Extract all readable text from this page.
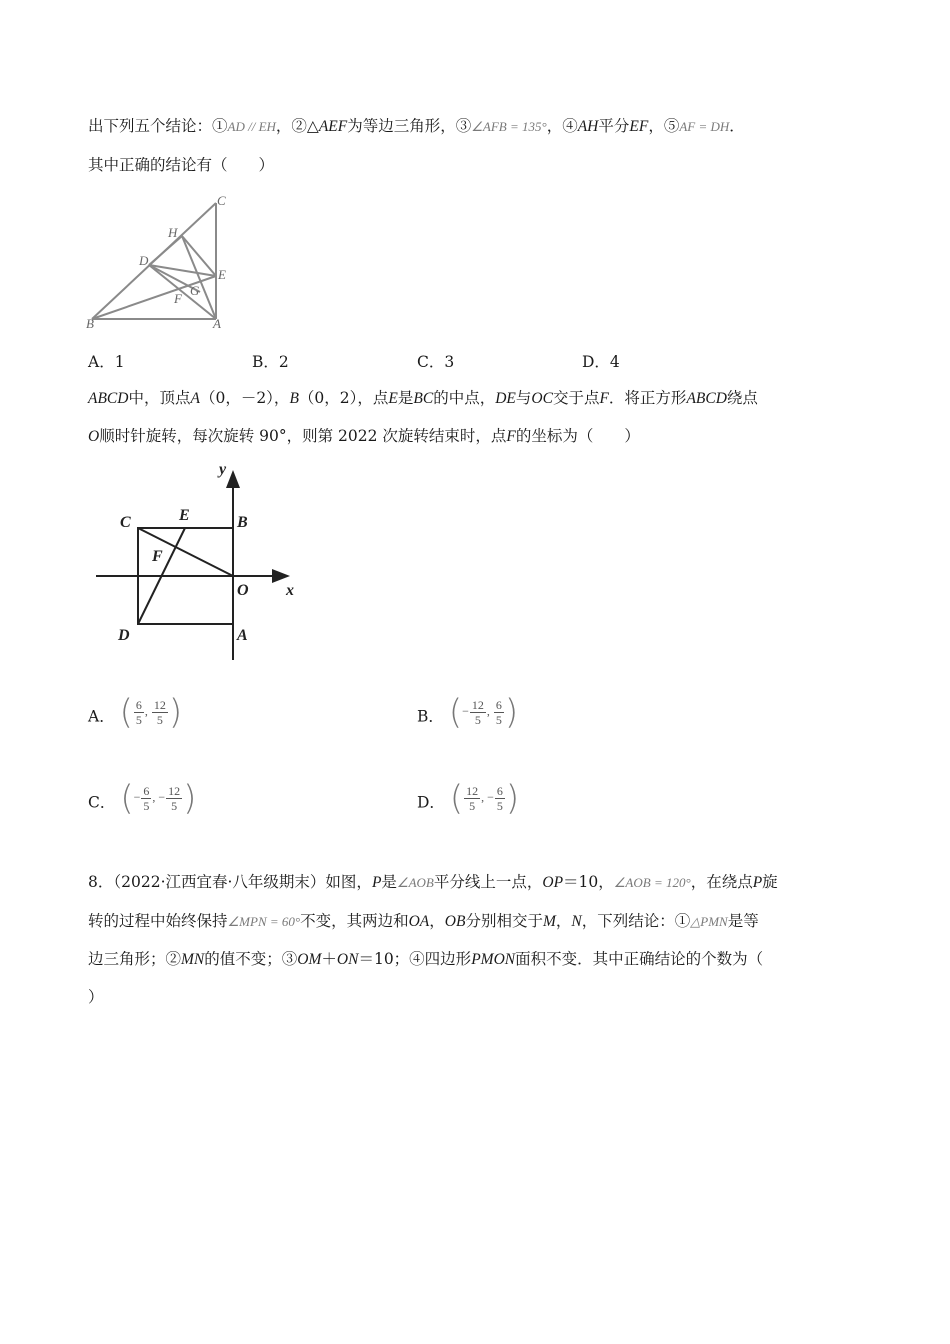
出下列五个结论：①AD // EH，②△AEF为等边三角形，③∠AFB = 135°，④AH平分EF，⑤AF = DH．
其中正确的结论有（　　）
C
H
D
E
G
F
B	A
A．1	B．2	C．3	D．4
ABCD中，顶点A（0，－2），B（0，2），点E是BC的中点，DE与OC交于点F．将正方形ABCD绕点
O顺时针旋转，每次旋转 90°，则第 2022 次旋转结束时，点F的坐标为（　　）
y
x
C	E	B
F
O
D	A
A． $^{( \frac{6}{5} , \frac{12}{5} )}$	B． $^{(- \frac{12}{5} , \frac{6}{5} )}$
C． $^{(- \frac{6}{5} , - \frac{12}{5} )}$	D． $^{( \frac{12}{5} , - \frac{6}{5} )}$
8．（2022·江西宜春·八年级期末）如图，P是∠AOB平分线上一点，OP＝10，∠AOB = 120°，在绕点P旋
转的过程中始终保持∠MPN = 60°不变，其两边和OA，OB分别相交于M，N，下列结论：①△PMN是等
边三角形；②MN的值不变；③OM＋ON＝10；④四边形PMON面积不变．其中正确结论的个数为（
）
